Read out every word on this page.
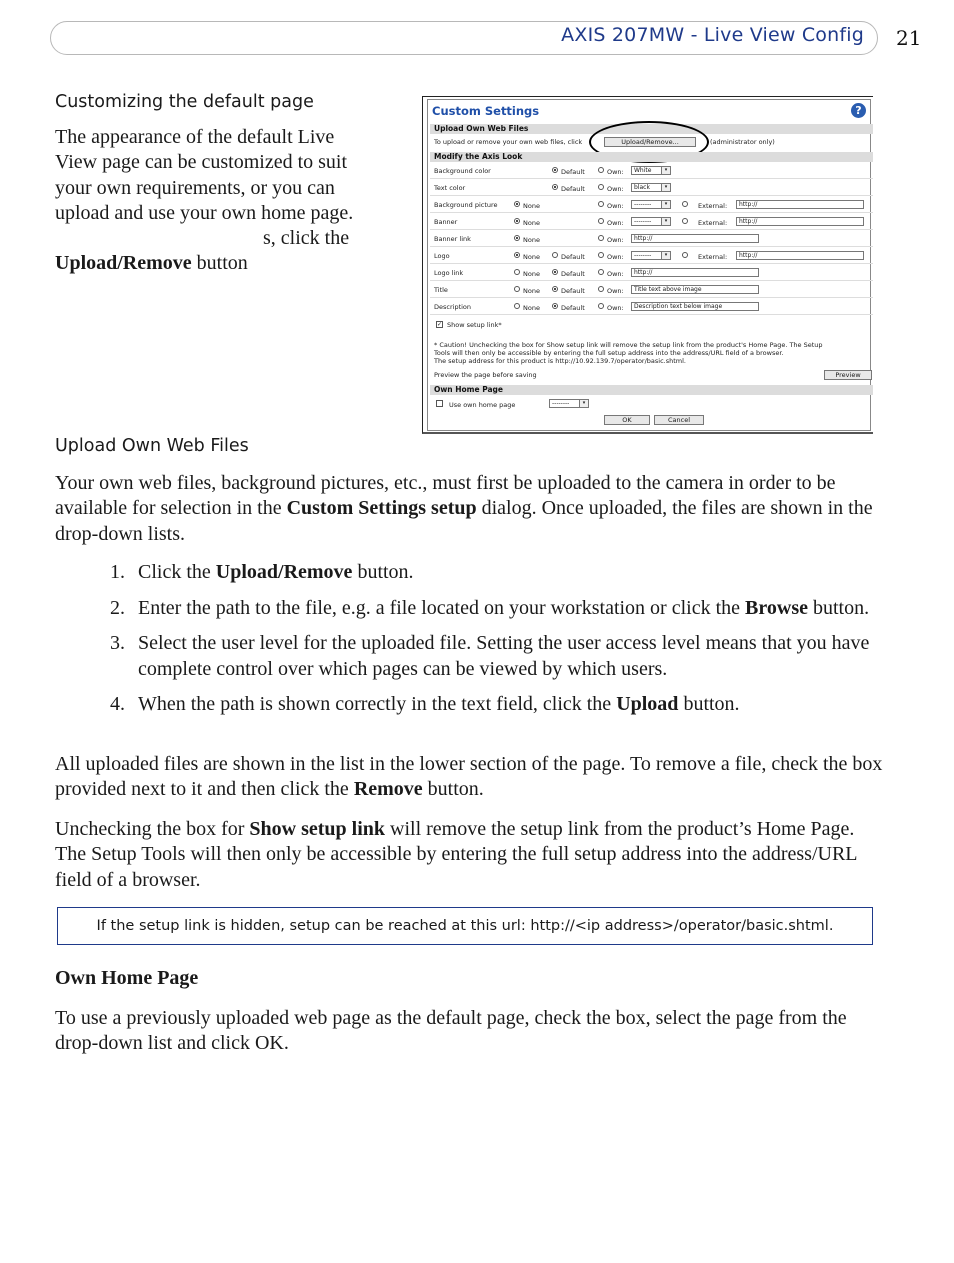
AXIS 207MW - Live View Config 21
Customizing the default page
The appearance of the default Live
View page can be customized to suit
your own requirements, or you can
upload and use your own home page.
s, click the
Upload/Remove button
Custom Settings	?
Upload Own Web Files
To upload or remove your own web files, click	Upload/Remove...	(administrator only)
Modify the Axis Look
Background color	Default	Own:	White	▾
Text color	Default	Own:	black	▾
Background picture	None	Own:	--------	▾	External:	http://
Banner	None	Own:	--------	▾	External:	http://
Banner link	None	Own:	http://
Logo	None	Default	Own:	--------	▾	External:	http://
Logo link	None	Default	Own:	http://
Title	None	Default	Own:	Title text above image
Description	None	Default	Own:	Description text below image
✓ Show setup link*
* Caution! Unchecking the box for Show setup link will remove the setup link from the product's Home Page. The Setup
Tools will then only be accessible by entering the full setup address into the address/URL field of a browser.
The setup address for this product is http://10.92.139.7/operator/basic.shtml.
Preview the page before saving	Preview
Own Home Page
Use own home page	--------	▾
OK	Cancel
Upload Own Web Files
Your own web files, background pictures, etc., must first be uploaded to the camera in order to be available for selection in the Custom Settings setup dialog. Once uploaded, the files are shown in the drop-down lists.
1. Click the Upload/Remove button.
2. Enter the path to the file, e.g. a file located on your workstation or click the Browse button.
3. Select the user level for the uploaded file. Setting the user access level means that you have complete control over which pages can be viewed by which users.
4. When the path is shown correctly in the text field, click the Upload button.
All uploaded files are shown in the list in the lower section of the page. To remove a file, check the box provided next to it and then click the Remove button.
Unchecking the box for Show setup link will remove the setup link from the product’s Home Page. The Setup Tools will then only be accessible by entering the full setup address into the address/URL field of a browser.
If the setup link is hidden, setup can be reached at this url: http://<ip address>/operator/basic.shtml.
Own Home Page
To use a previously uploaded web page as the default page, check the box, select the page from the drop-down list and click OK.
